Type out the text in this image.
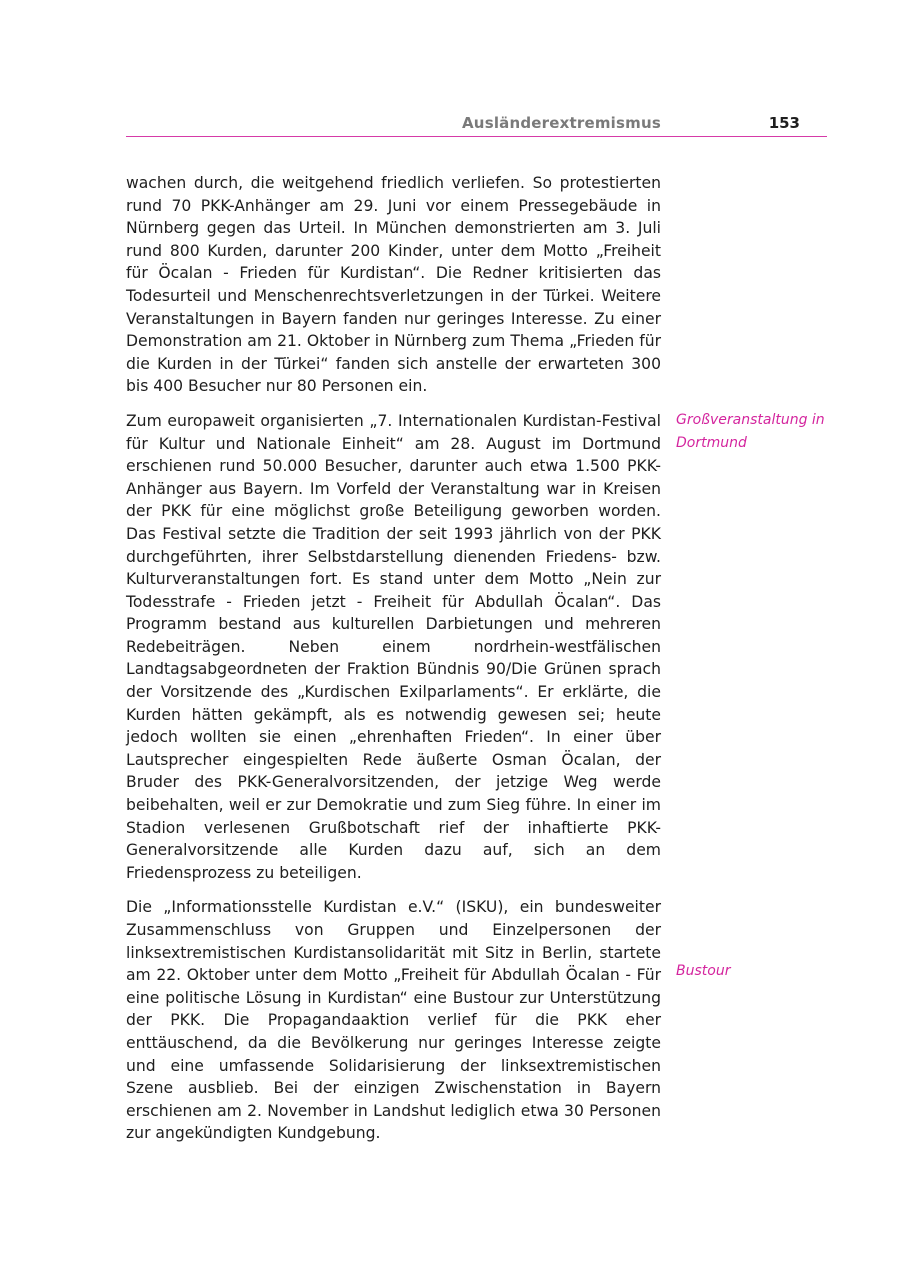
Ausländerextremismus	153

wachen durch, die weitgehend friedlich verliefen. So protestierten rund 70 PKK-Anhänger am 29. Juni vor einem Pressegebäude in Nürnberg gegen das Urteil. In München demonstrierten am 3. Juli rund 800 Kurden, darunter 200 Kinder, unter dem Motto „Freiheit für Öcalan - Frieden für Kurdistan“. Die Redner kritisierten das Todesurteil und Menschenrechtsverletzungen in der Türkei. Weitere Veranstaltungen in Bayern fanden nur geringes Interesse. Zu einer Demonstration am 21. Oktober in Nürnberg zum Thema „Frieden für die Kurden in der Türkei“ fanden sich anstelle der erwarteten 300 bis 400 Besucher nur 80 Personen ein.

Zum europaweit organisierten „7. Internationalen Kurdistan-Festival für Kultur und Nationale Einheit“ am 28. August im Dortmund erschienen rund 50.000 Besucher, darunter auch etwa 1.500 PKK-Anhänger aus Bayern. Im Vorfeld der Veranstaltung war in Kreisen der PKK für eine möglichst große Beteiligung geworben worden. Das Festival setzte die Tradition der seit 1993 jährlich von der PKK durchgeführten, ihrer Selbstdarstellung dienenden Friedens- bzw. Kulturveranstaltungen fort. Es stand unter dem Motto „Nein zur Todesstrafe - Frieden jetzt - Freiheit für Abdullah Öcalan“. Das Programm bestand aus kulturellen Darbietungen und mehreren Redebeiträgen. Neben einem nordrhein-westfälischen Landtagsabgeordneten der Fraktion Bündnis 90/Die Grünen sprach der Vorsitzende des „Kurdischen Exilparlaments“. Er erklärte, die Kurden hätten gekämpft, als es notwendig gewesen sei; heute jedoch wollten sie einen „ehrenhaften Frieden“. In einer über Lautsprecher eingespielten Rede äußerte Osman Öcalan, der Bruder des PKK-Generalvorsitzenden, der jetzige Weg werde beibehalten, weil er zur Demokratie und zum Sieg führe. In einer im Stadion verlesenen Grußbotschaft rief der inhaftierte PKK-Generalvorsitzende alle Kurden dazu auf, sich an dem Friedensprozess zu beteiligen.

Die „Informationsstelle Kurdistan e.V.“ (ISKU), ein bundesweiter Zusammenschluss von Gruppen und Einzelpersonen der linksextremistischen Kurdistansolidarität mit Sitz in Berlin, startete am 22. Oktober unter dem Motto „Freiheit für Abdullah Öcalan - Für eine politische Lösung in Kurdistan“ eine Bustour zur Unterstützung der PKK. Die Propagandaaktion verlief für die PKK eher enttäuschend, da die Bevölkerung nur geringes Interesse zeigte und eine umfassende Solidarisierung der linksextremistischen Szene ausblieb. Bei der einzigen Zwischenstation in Bayern erschienen am 2. November in Landshut lediglich etwa 30 Personen zur angekündigten Kundgebung.

Großveranstaltung in Dortmund
Bustour
